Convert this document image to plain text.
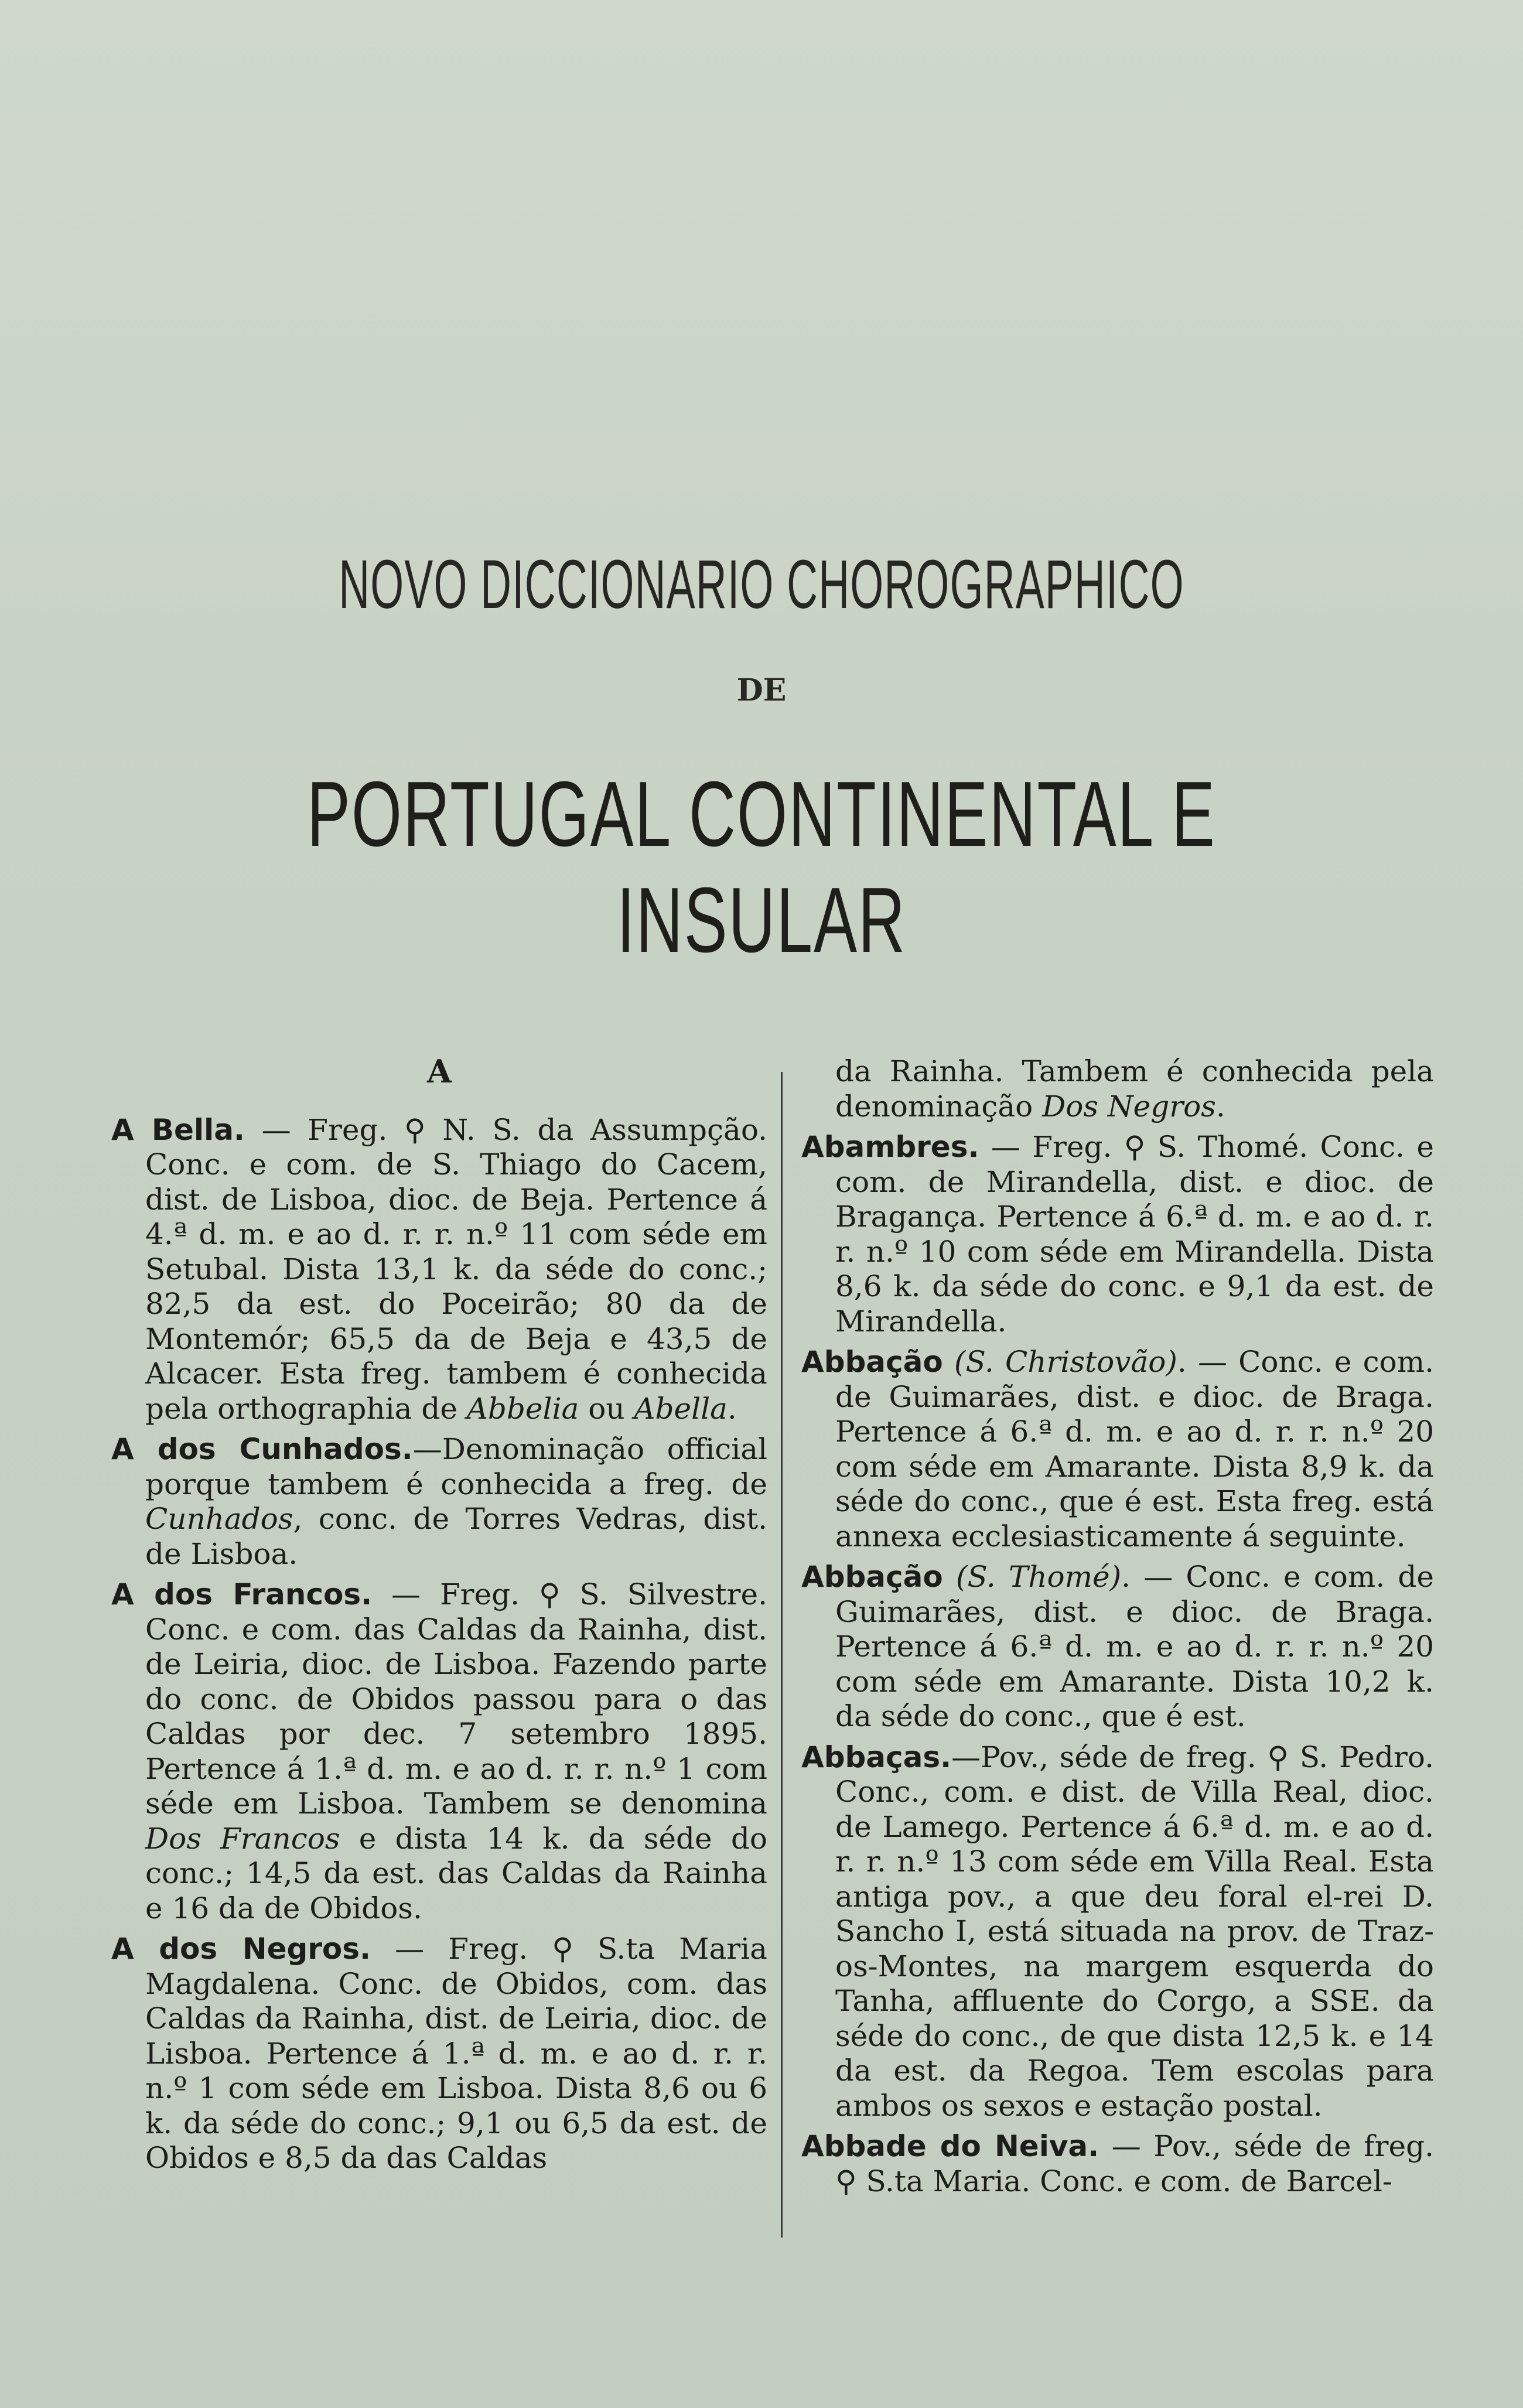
NOVO DICCIONARIO CHOROGRAPHICO
DE
PORTUGAL CONTINENTAL E INSULAR
A

A Bella. — Freg. ⚲ N. S. da Assumpção. Conc. e com. de S. Thiago do Cacem, dist. de Lisboa, dioc. de Beja. Pertence á 4.ª d. m. e ao d. r. r. n.º 11 com séde em Setubal. Dista 13,1 k. da séde do conc.; 82,5 da est. do Poceirão; 80 da de Montemór; 65,5 da de Beja e 43,5 de Alcacer. Esta freg. tambem é conhecida pela orthographia de Abbelia ou Abella.

A dos Cunhados.—Denominação official porque tambem é conhecida a freg. de Cunhados, conc. de Torres Vedras, dist. de Lisboa.

A dos Francos. — Freg. ⚲ S. Silvestre. Conc. e com. das Caldas da Rainha, dist. de Leiria, dioc. de Lisboa. Fazendo parte do conc. de Obidos passou para o das Caldas por dec. 7 setembro 1895. Pertence á 1.ª d. m. e ao d. r. r. n.º 1 com séde em Lisboa. Tambem se denomina Dos Francos e dista 14 k. da séde do conc.; 14,5 da est. das Caldas da Rainha e 16 da de Obidos.

A dos Negros. — Freg. ⚲ S.ta Maria Magdalena. Conc. de Obidos, com. das Caldas da Rainha, dist. de Leiria, dioc. de Lisboa. Pertence á 1.ª d. m. e ao d. r. r. n.º 1 com séde em Lisboa. Dista 8,6 ou 6 k. da séde do conc.; 9,1 ou 6,5 da est. de Obidos e 8,5 da das Caldas

da Rainha. Tambem é conhecida pela denominação Dos Negros.

Abambres. — Freg. ⚲ S. Thomé. Conc. e com. de Mirandella, dist. e dioc. de Bragança. Pertence á 6.ª d. m. e ao d. r. r. n.º 10 com séde em Mirandella. Dista 8,6 k. da séde do conc. e 9,1 da est. de Mirandella.

Abbação (S. Christovão). — Conc. e com. de Guimarães, dist. e dioc. de Braga. Pertence á 6.ª d. m. e ao d. r. r. n.º 20 com séde em Amarante. Dista 8,9 k. da séde do conc., que é est. Esta freg. está annexa ecclesiasticamente á seguinte.

Abbação (S. Thomé). — Conc. e com. de Guimarães, dist. e dioc. de Braga. Pertence á 6.ª d. m. e ao d. r. r. n.º 20 com séde em Amarante. Dista 10,2 k. da séde do conc., que é est.

Abbaças.—Pov., séde de freg. ⚲ S. Pedro. Conc., com. e dist. de Villa Real, dioc. de Lamego. Pertence á 6.ª d. m. e ao d. r. r. n.º 13 com séde em Villa Real. Esta antiga pov., a que deu foral el-rei D. Sancho I, está situada na prov. de Traz-os-Montes, na margem esquerda do Tanha, affluente do Corgo, a SSE. da séde do conc., de que dista 12,5 k. e 14 da est. da Regoa. Tem escolas para ambos os sexos e estação postal.

Abbade do Neiva. — Pov., séde de freg. ⚲ S.ta Maria. Conc. e com. de Barcel-
